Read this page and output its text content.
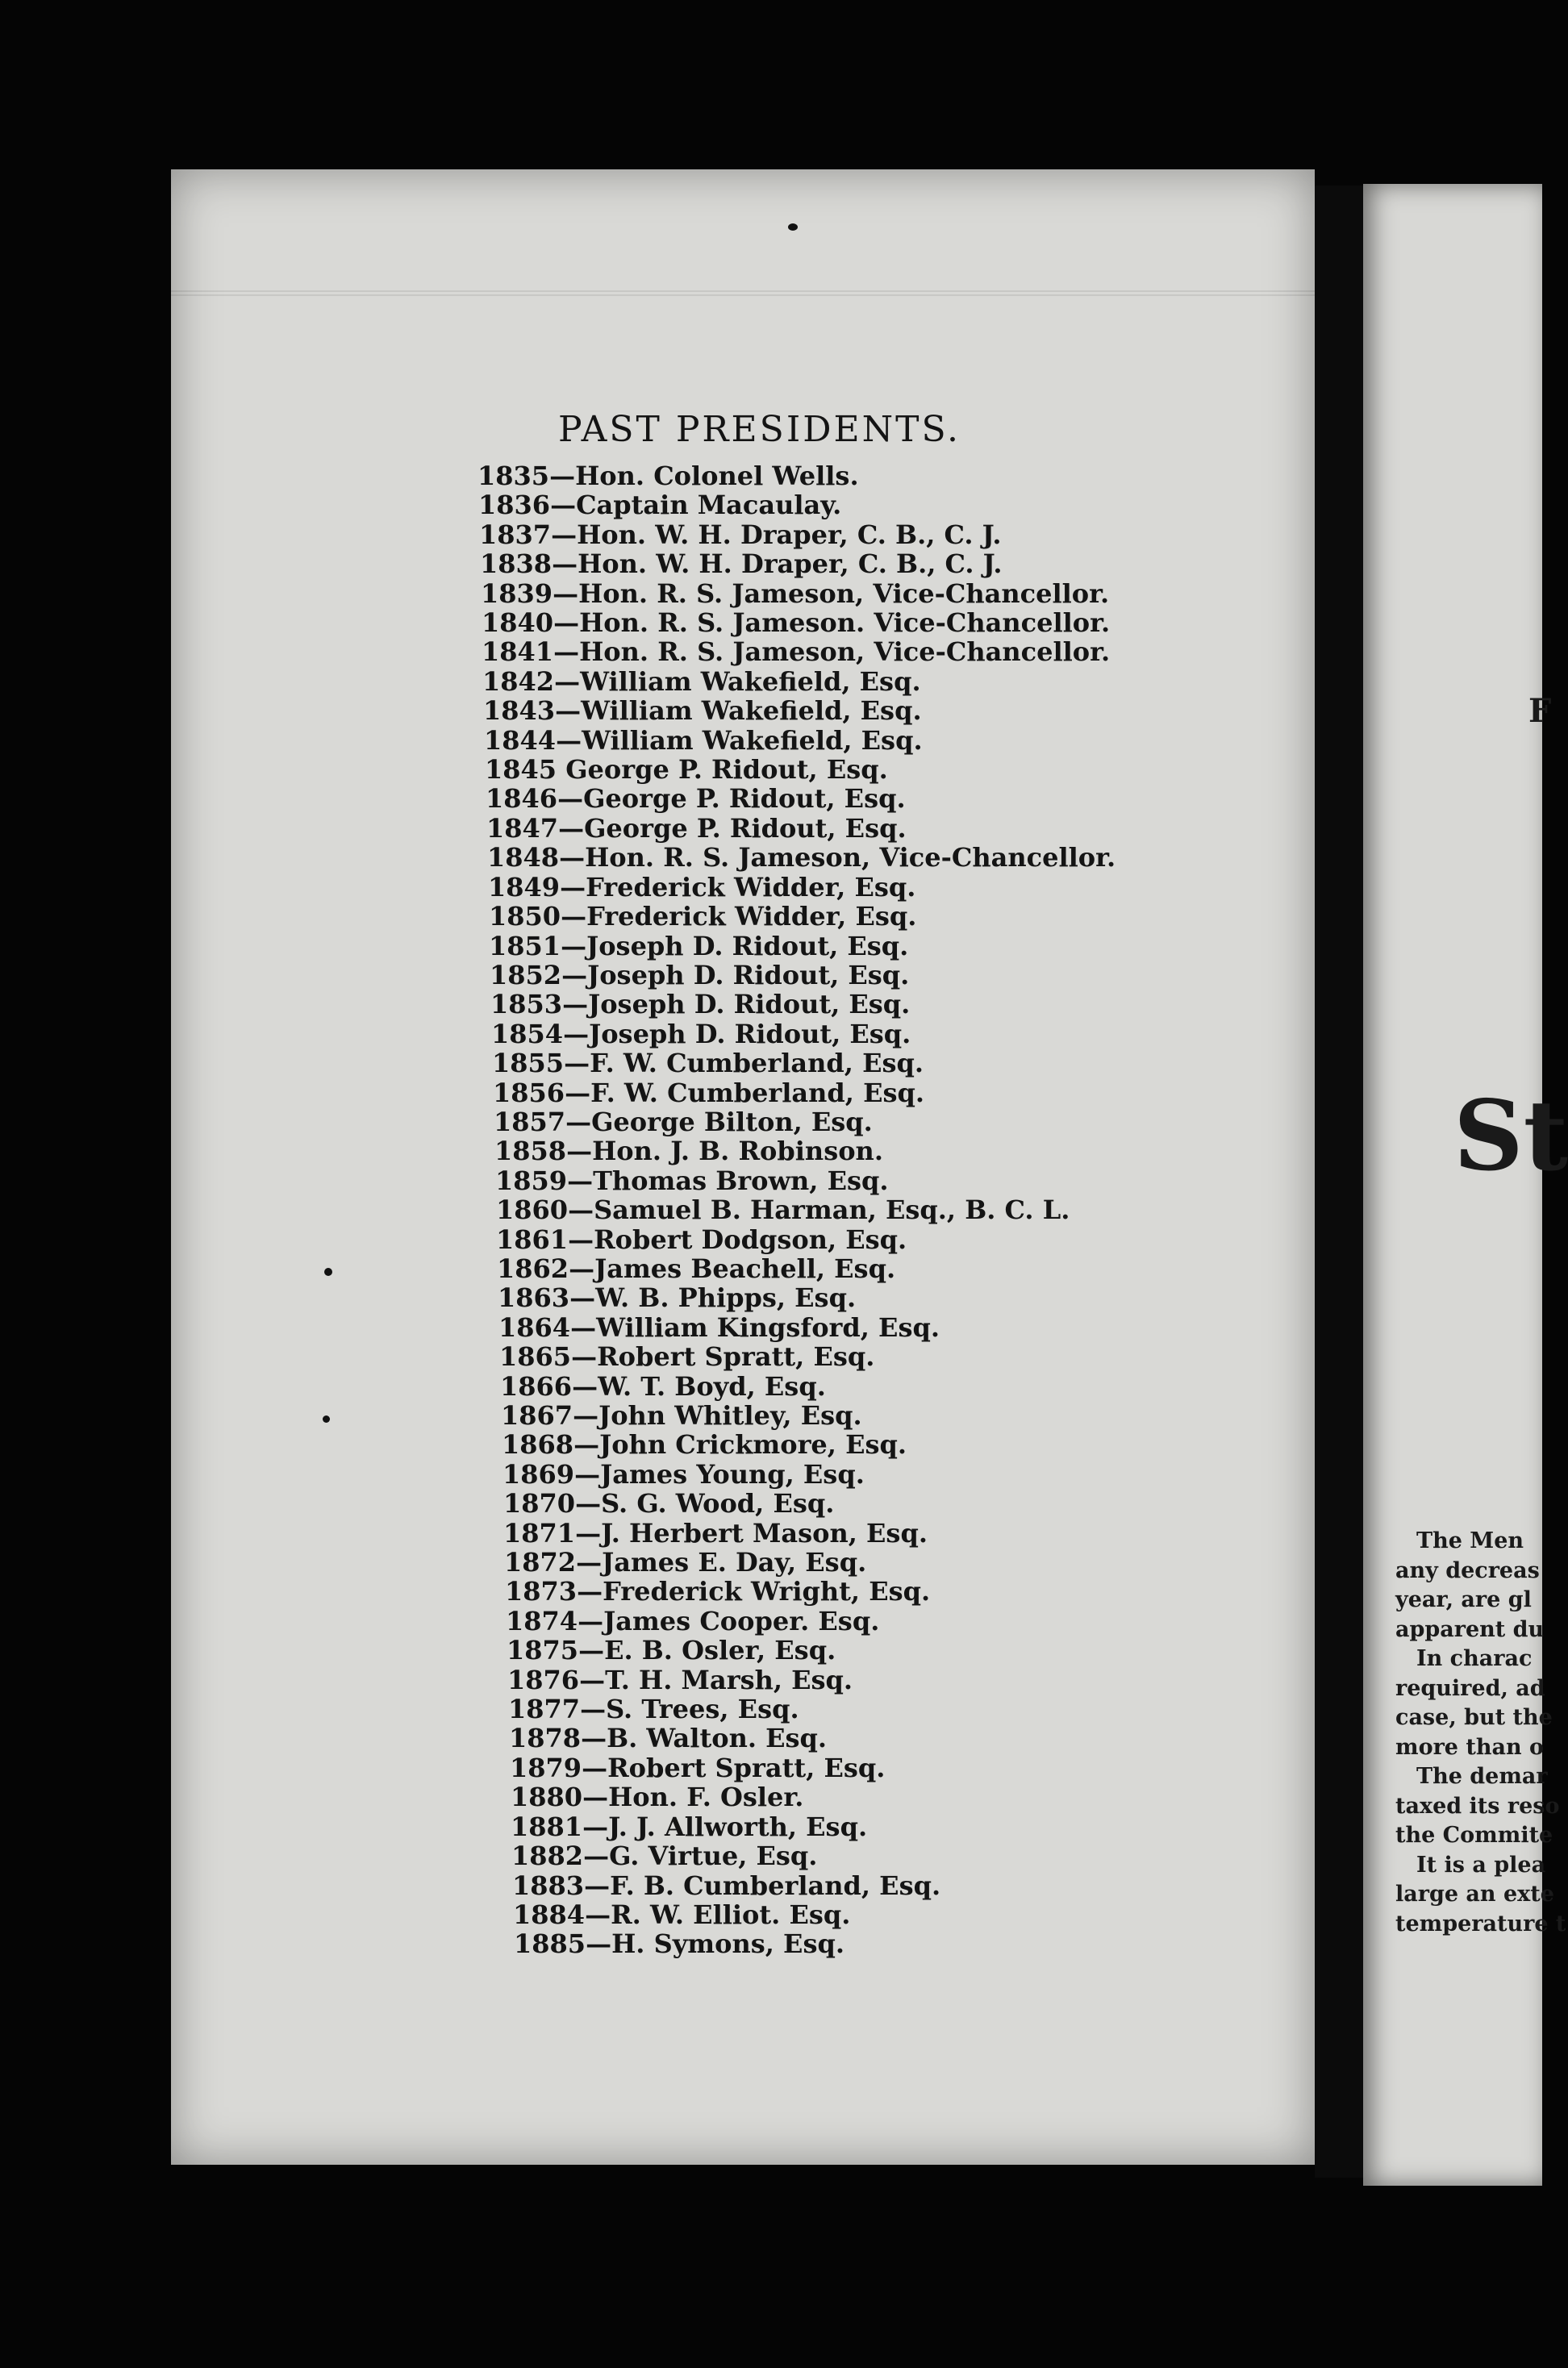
PAST PRESIDENTS.
1835—Hon. Colonel Wells.
1836—Captain Macaulay.
1837—Hon. W. H. Draper, C. B., C. J.
1838—Hon. W. H. Draper, C. B., C. J.
1839—Hon. R. S. Jameson, Vice-Chancellor.
1840—Hon. R. S. Jameson. Vice-Chancellor.
1841—Hon. R. S. Jameson, Vice-Chancellor.
1842—William Wakefield, Esq.
1843—William Wakefield, Esq.
1844—William Wakefield, Esq.
1845 George P. Ridout, Esq.
1846—George P. Ridout, Esq.
1847—George P. Ridout, Esq.
1848—Hon. R. S. Jameson, Vice-Chancellor.
1849—Frederick Widder, Esq.
1850—Frederick Widder, Esq.
1851—Joseph D. Ridout, Esq.
1852—Joseph D. Ridout, Esq.
1853—Joseph D. Ridout, Esq.
1854—Joseph D. Ridout, Esq.
1855—F. W. Cumberland, Esq.
1856—F. W. Cumberland, Esq.
1857—George Bilton, Esq.
1858—Hon. J. B. Robinson.
1859—Thomas Brown, Esq.
1860—Samuel B. Harman, Esq., B. C. L.
1861—Robert Dodgson, Esq.
1862—James Beachell, Esq.
1863—W. B. Phipps, Esq.
1864—William Kingsford, Esq.
1865—Robert Spratt, Esq.
1866—W. T. Boyd, Esq.
1867—John Whitley, Esq.
1868—John Crickmore, Esq.
1869—James Young, Esq.
1870—S. G. Wood, Esq.
1871—J. Herbert Mason, Esq.
1872—James E. Day, Esq.
1873—Frederick Wright, Esq.
1874—James Cooper. Esq.
1875—E. B. Osler, Esq.
1876—T. H. Marsh, Esq.
1877—S. Trees, Esq.
1878—B. Walton. Esq.
1879—Robert Spratt, Esq.
1880—Hon. F. Osler.
1881—J. J. Allworth, Esq.
1882—G. Virtue, Esq.
1883—F. B. Cumberland, Esq.
1884—R. W. Elliot. Esq.
1885—H. Symons, Esq.
F
St
The Men
any decreas
year, are gl
apparent du
In charac
required, ad
case, but the
more than o
The demar
taxed its reso
the Commite
It is a plea
large an exte
temperature t
